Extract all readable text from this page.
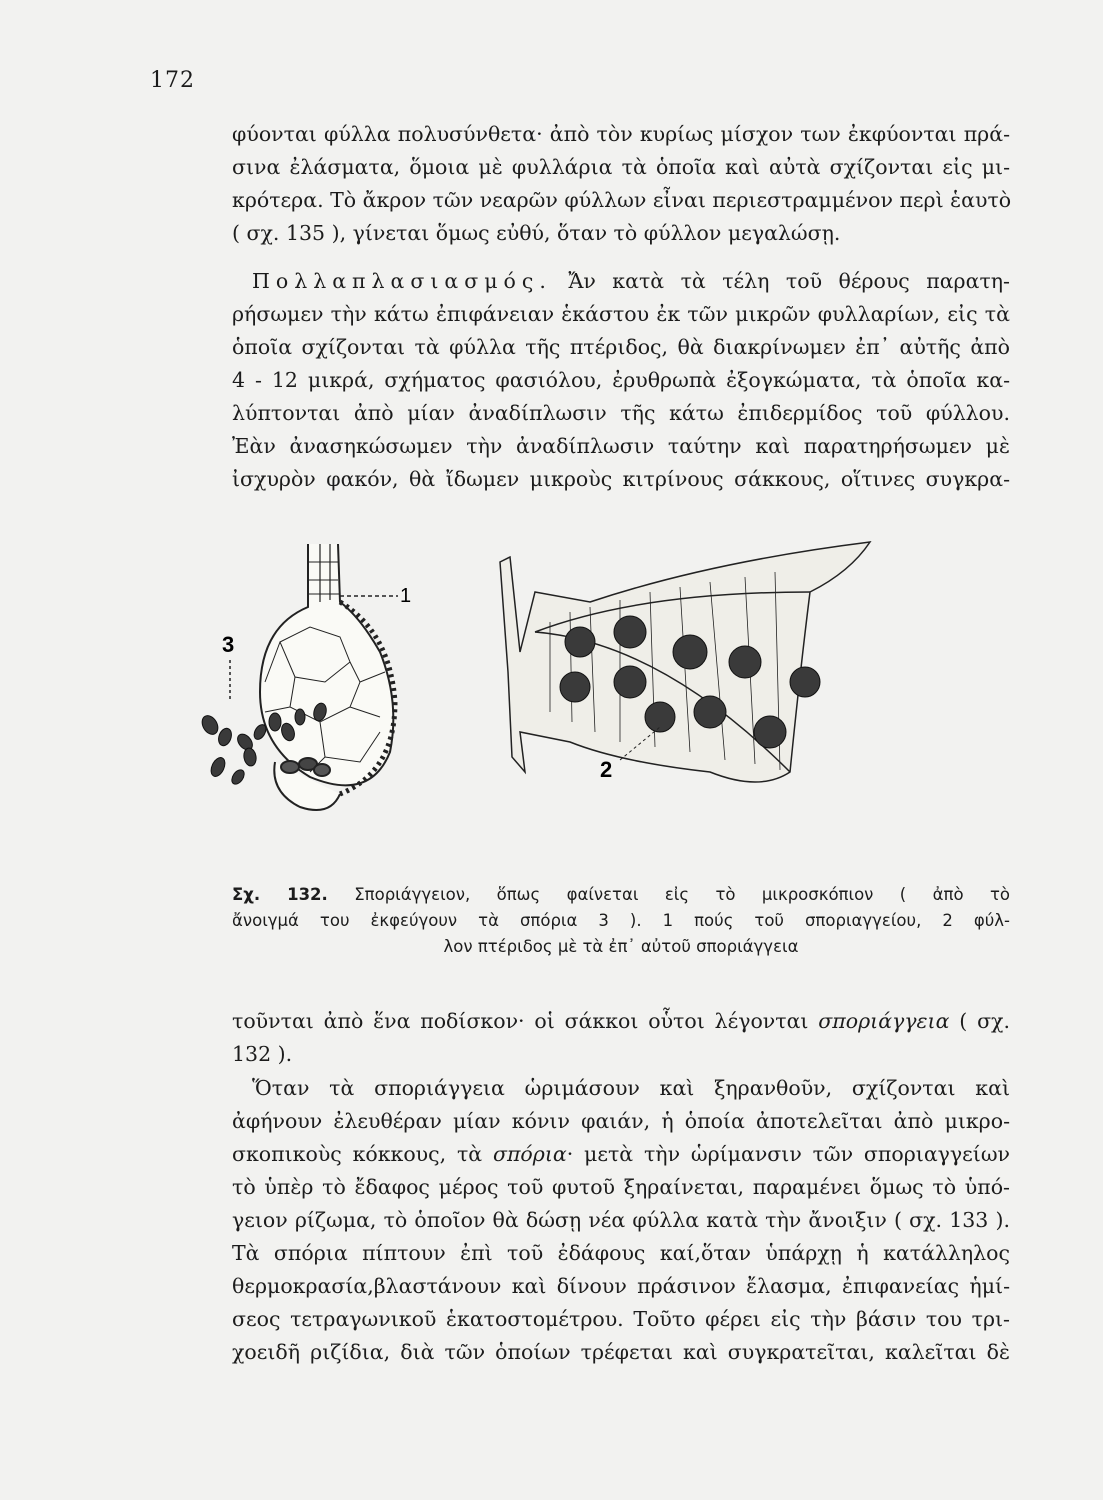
172
φύονται φύλλα πολυσύνθετα· ἀπὸ τὸν κυρίως μίσχον των ἐκφύονται πρά-
σινα ἐλάσματα, ὅμοια μὲ φυλλάρια τὰ ὁποῖα καὶ αὐτὰ σχίζονται εἰς μι-
κρότερα. Τὸ ἄκρον τῶν νεαρῶν φύλλων εἶναι περιεστραμμένον περὶ ἑαυτὸ
( σχ. 135 ), γίνεται ὅμως εὐθύ, ὅταν τὸ φύλλον μεγαλώσῃ.
Πολλαπλασιασμός. Ἄν κατὰ τὰ τέλη τοῦ θέρους παρατη-
ρήσωμεν τὴν κάτω ἐπιφάνειαν ἑκάστου ἐκ τῶν μικρῶν φυλλαρίων, εἰς τὰ
ὁποῖα σχίζονται τὰ φύλλα τῆς πτέριδος, θὰ διακρίνωμεν ἐπ᾽ αὐτῆς ἀπὸ
4 - 12 μικρά, σχήματος φασιόλου, ἐρυθρωπὰ ἐξογκώματα, τὰ ὁποῖα κα-
λύπτονται ἀπὸ μίαν ἀναδίπλωσιν τῆς κάτω ἐπιδερμίδος τοῦ φύλλου.
Ἐὰν ἀνασηκώσωμεν τὴν ἀναδίπλωσιν ταύτην καὶ παρατηρήσωμεν μὲ
ἰσχυρὸν φακόν, θὰ ἴδωμεν μικροὺς κιτρίνους σάκκους, οἵτινες συγκρα-
1
3
2
Σχ. 132. Σποριάγγειον, ὅπως φαίνεται εἰς τὸ μικροσκόπιον ( ἀπὸ τὸ
ἄνοιγμά του ἐκφεύγουν τὰ σπόρια 3 ). 1 πούς τοῦ σποριαγγείου, 2 φύλ-
λον πτέριδος μὲ τὰ ἐπ᾽ αὐτοῦ σποριάγγεια
τοῦνται ἀπὸ ἕνα ποδίσκον· οἱ σάκκοι οὗτοι λέγονται σποριάγγεια ( σχ.
132 ).
Ὅταν τὰ σποριάγγεια ὡριμάσουν καὶ ξηρανθοῦν, σχίζονται καὶ
ἀφήνουν ἐλευθέραν μίαν κόνιν φαιάν, ἡ ὁποία ἀποτελεῖται ἀπὸ μικρο-
σκοπικοὺς κόκκους, τὰ σπόρια· μετὰ τὴν ὡρίμανσιν τῶν σποριαγγείων
τὸ ὑπὲρ τὸ ἔδαφος μέρος τοῦ φυτοῦ ξηραίνεται, παραμένει ὅμως τὸ ὑπό-
γειον ρίζωμα, τὸ ὁποῖον θὰ δώσῃ νέα φύλλα κατὰ τὴν ἄνοιξιν ( σχ. 133 ).
Τὰ σπόρια πίπτουν ἐπὶ τοῦ ἐδάφους καί,ὅταν ὑπάρχῃ ἡ κατάλληλος
θερμοκρασία,βλαστάνουν καὶ δίνουν πράσινον ἔλασμα, ἐπιφανείας ἡμί-
σεος τετραγωνικοῦ ἑκατοστομέτρου. Τοῦτο φέρει εἰς τὴν βάσιν του τρι-
χοειδῆ ριζίδια, διὰ τῶν ὁποίων τρέφεται καὶ συγκρατεῖται, καλεῖται δὲ
